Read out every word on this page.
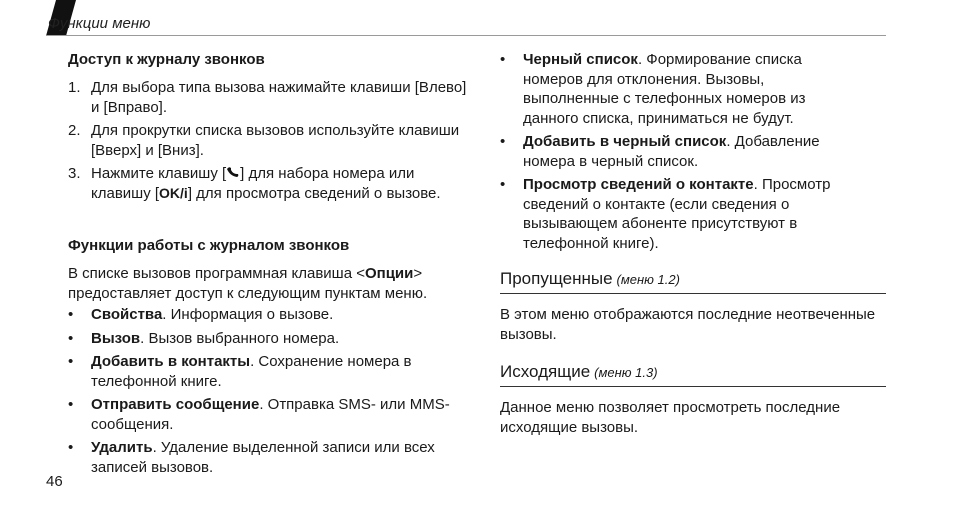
Функции меню
Доступ к журналу звонков
1. Для выбора типа вызова нажимайте клавиши [Влево] и [Вправо].
2. Для прокрутки списка вызовов используйте клавиши [Вверх] и [Вниз].
3. Нажмите клавишу [ ] для набора номера или клавишу [OK/i] для просмотра сведений о вызове.
Функции работы с журналом звонков

В списке вызовов программная клавиша <Опции> предоставляет доступ к следующим пунктам меню.

• Свойства. Информация о вызове.
• Вызов. Вызов выбранного номера.
• Добавить в контакты. Сохранение номера в телефонной книге.
• Отправить сообщение. Отправка SMS- или MMS-сообщения.
• Удалить. Удаление выделенной записи или всех записей вызовов.
• Черный список. Формирование списка номеров для отклонения. Вызовы, выполненные с телефонных номеров из данного списка, приниматься не будут.
• Добавить в черный список. Добавление номера в черный список.
• Просмотр сведений о контакте. Просмотр сведений о контакте (если сведения о вызывающем абоненте присутствуют в телефонной книге).
Пропущенные (меню 1.2)

В этом меню отображаются последние неотвеченные вызовы.

Исходящие (меню 1.3)

Данное меню позволяет просмотреть последние исходящие вызовы.

46
